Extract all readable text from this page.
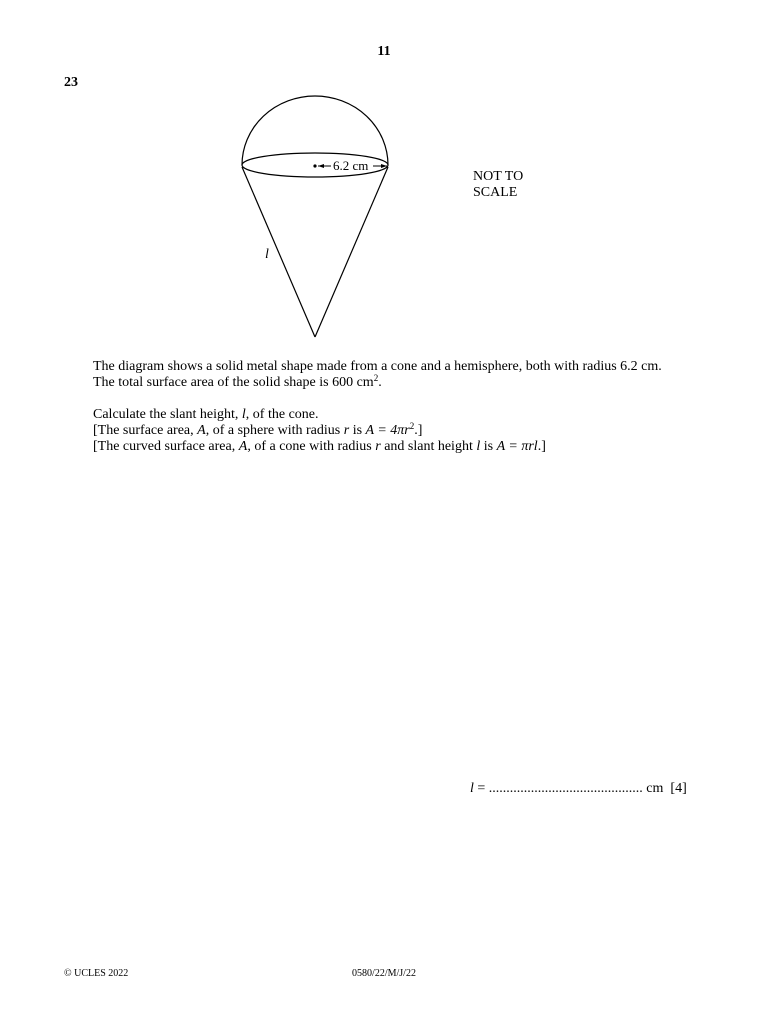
11
23
6.2 cm
l
NOT TO
SCALE

The diagram shows a solid metal shape made from a cone and a hemisphere, both with radius 6.2 cm.

The total surface area of the solid shape is 600 $cm^2$.

Calculate the slant height, l, of the cone.

[The surface area, A, of a sphere with radius r is $A = 4\pi r^2$.]

[The curved surface area, A, of a cone with radius r and slant height l is A = πrl.]

l = ............................................ cm  [4]
© UCLES 2022	0580/22/M/J/22
